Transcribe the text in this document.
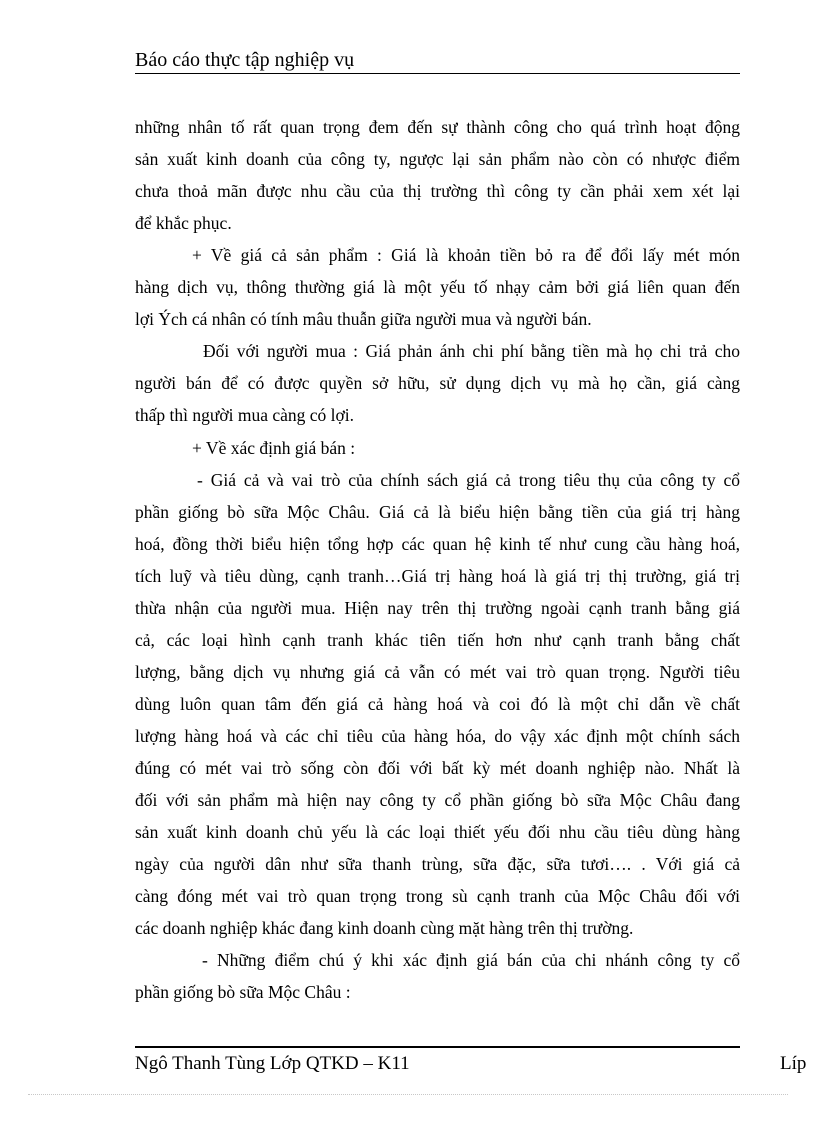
Báo cáo thực tập nghiệp vụ
những nhân tố rất quan trọng đem đến sự thành công cho quá trình hoạt động
sản xuất kinh doanh của công ty, ngược lại sản phẩm nào còn có nhược điểm
chưa thoả mãn được nhu cầu của thị trường thì công ty cần phải xem xét lại
để khắc phục.
+ Về giá cả sản phẩm : Giá là khoản tiền bỏ ra để đổi lấy mét món
hàng dịch vụ, thông thường giá là một yếu tố nhạy cảm bởi giá liên quan đến
lợi Ých cá nhân có tính mâu thuẫn giữa người mua và người bán.
Đối với người mua : Giá phản ánh chi phí bằng tiền mà họ chi trả cho
người bán để có được quyền sở hữu, sử dụng dịch vụ mà họ cần, giá càng
thấp thì người mua càng có lợi.
+ Về xác định giá bán :
- Giá cả và vai trò của chính sách giá cả trong tiêu thụ của công ty cổ
phần giống bò sữa Mộc Châu. Giá cả là biểu hiện bằng tiền của giá trị hàng
hoá, đồng thời biểu hiện tổng hợp các quan hệ kinh tế như cung cầu hàng hoá,
tích luỹ và tiêu dùng, cạnh tranh…Giá trị hàng hoá là giá trị thị trường, giá trị
thừa nhận của người mua. Hiện nay trên thị trường ngoài cạnh tranh bằng giá
cả, các loại hình cạnh tranh khác tiên tiến hơn như cạnh tranh bằng chất
lượng, bằng dịch vụ nhưng giá cả vẫn có mét vai trò quan trọng. Người tiêu
dùng luôn quan tâm đến giá cả hàng hoá và coi đó là một chỉ dẫn về chất
lượng hàng hoá và các chỉ tiêu của hàng hóa, do vậy xác định một chính sách
đúng có mét vai trò sống còn đối với bất kỳ mét doanh nghiệp nào. Nhất là
đối với sản phẩm mà hiện nay công ty cổ phần giống bò sữa Mộc Châu đang
sản xuất kinh doanh chủ yếu là các loại thiết yếu đối nhu cầu tiêu dùng hàng
ngày của người dân như sữa thanh trùng, sữa đặc, sữa tươi…. . Với giá cả
càng đóng mét vai trò quan trọng trong sù cạnh tranh của Mộc Châu đối với
các doanh nghiệp khác đang kinh doanh cùng mặt hàng trên thị trường.
- Những điểm chú ý khi xác định giá bán của chi nhánh công ty cổ
phần giống bò sữa Mộc Châu :
Ngô Thanh Tùng Lớp QTKD – K11	Líp
